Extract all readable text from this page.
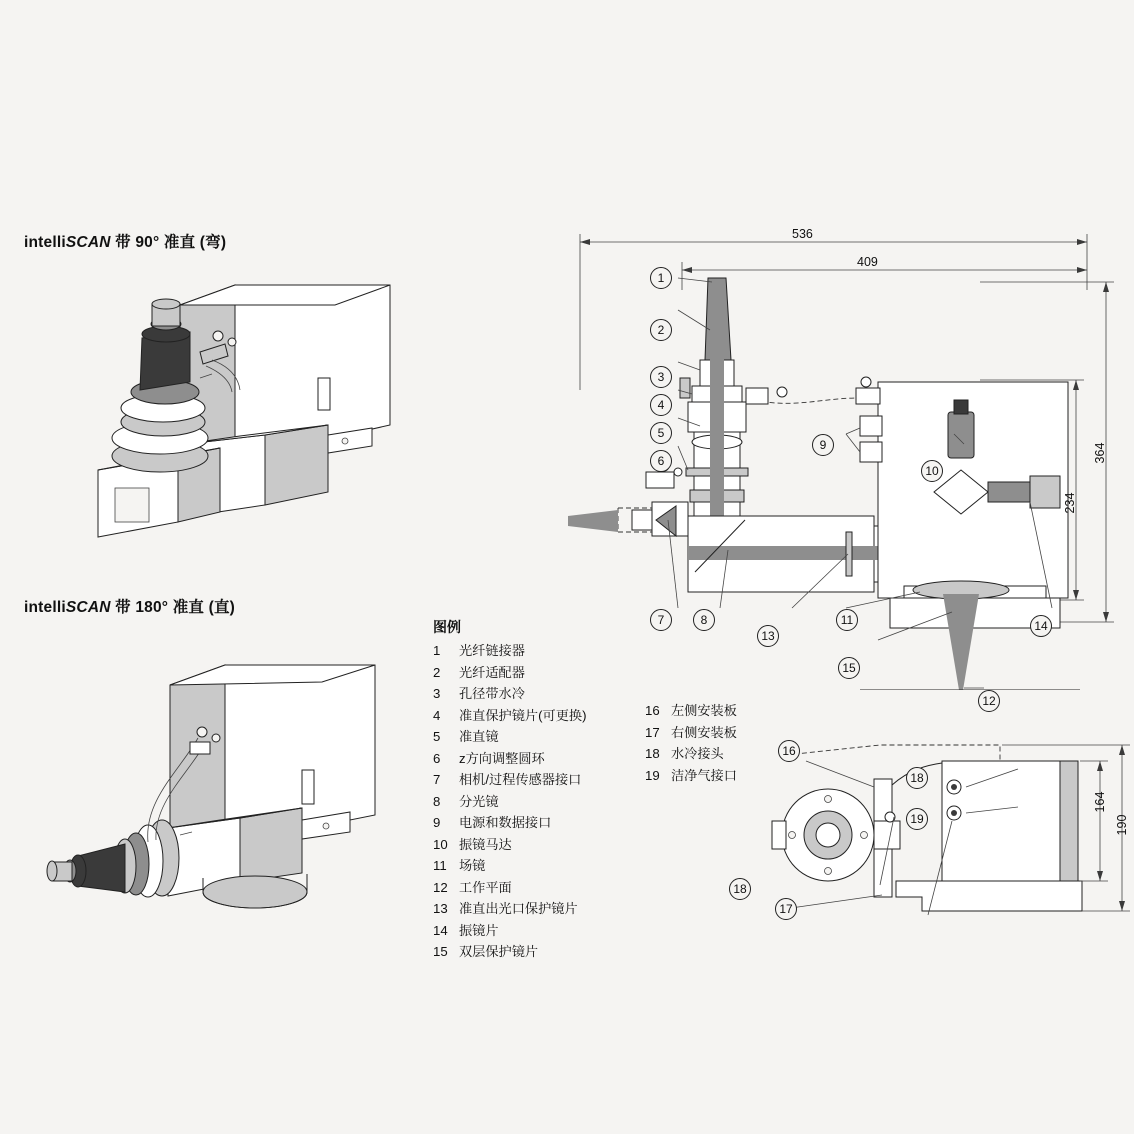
intelliSCAN 带 90° 准直 (弯)
intelliSCAN 带 180° 准直 (直)
图例
1	光纤链接器
2	光纤适配器
3	孔径带水冷
4	准直保护镜片(可更换)
5	准直镜
6	z方向调整圆环
7	相机/过程传感器接口
8	分光镜
9	电源和数据接口
10 振镜马达
11 场镜
12 工作平面
13 准直出光口保护镜片
14 振镜片
15 双层保护镜片
16 左侧安装板
17 右侧安装板
18 水冷接头
19 洁净气接口
536
409
364
234
1
2
3
4
5
6
7	8
9
10
11
12
13
14
15
164
190
16
17
18
18
19
